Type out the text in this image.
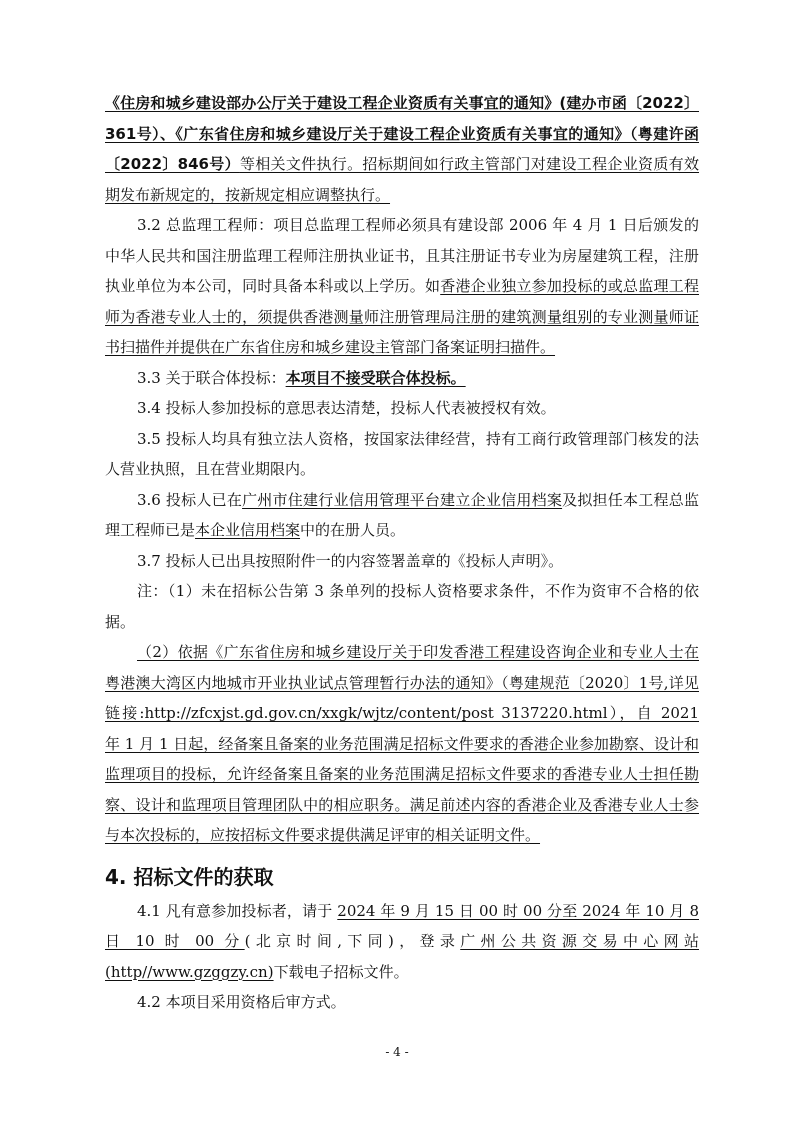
《住房和城乡建设部办公厅关于建设工程企业资质有关事宜的通知》(建办市函〔2022〕361号）、《广东省住房和城乡建设厅关于建设工程企业资质有关事宜的通知》（粤建许函〔2022〕846号）等相关文件执行。招标期间如行政主管部门对建设工程企业资质有效期发布新规定的，按新规定相应调整执行。

3.2 总监理工程师：项目总监理工程师必须具有建设部 2006 年 4 月 1 日后颁发的中华人民共和国注册监理工程师注册执业证书，且其注册证书专业为房屋建筑工程，注册执业单位为本公司，同时具备本科或以上学历。如香港企业独立参加投标的或总监理工程师为香港专业人士的，须提供香港测量师注册管理局注册的建筑测量组别的专业测量师证书扫描件并提供在广东省住房和城乡建设主管部门备案证明扫描件。

3.3 关于联合体投标：本项目不接受联合体投标。

3.4 投标人参加投标的意思表达清楚，投标人代表被授权有效。

3.5 投标人均具有独立法人资格，按国家法律经营，持有工商行政管理部门核发的法人营业执照，且在营业期限内。

3.6 投标人已在广州市住建行业信用管理平台建立企业信用档案及拟担任本工程总监理工程师已是本企业信用档案中的在册人员。

3.7 投标人已出具按照附件一的内容签署盖章的《投标人声明》。

注：（1）未在招标公告第 3 条单列的投标人资格要求条件，不作为资审不合格的依据。

（2）依据《广东省住房和城乡建设厅关于印发香港工程建设咨询企业和专业人士在粤港澳大湾区内地城市开业执业试点管理暂行办法的通知》（粤建规范〔2020〕1号,详见链接:http://zfcxjst.gd.gov.cn/xxgk/wjtz/content/post_3137220.html），自 2021 年 1 月 1 日起，经备案且备案的业务范围满足招标文件要求的香港企业参加勘察、设计和监理项目的投标，允许经备案且备案的业务范围满足招标文件要求的香港专业人士担任勘察、设计和监理项目管理团队中的相应职务。满足前述内容的香港企业及香港专业人士参与本次投标的，应按招标文件要求提供满足评审的相关证明文件。

4. 招标文件的获取

4.1 凡有意参加投标者，请于 2024 年 9 月 15 日 00 时 00 分至 2024 年 10 月 8 日 10 时 00 分(北京时间,下同)，登录广州公共资源交易中心网站(http//www.gzggzy.cn)下载电子招标文件。

4.2 本项目采用资格后审方式。

- 4 -
